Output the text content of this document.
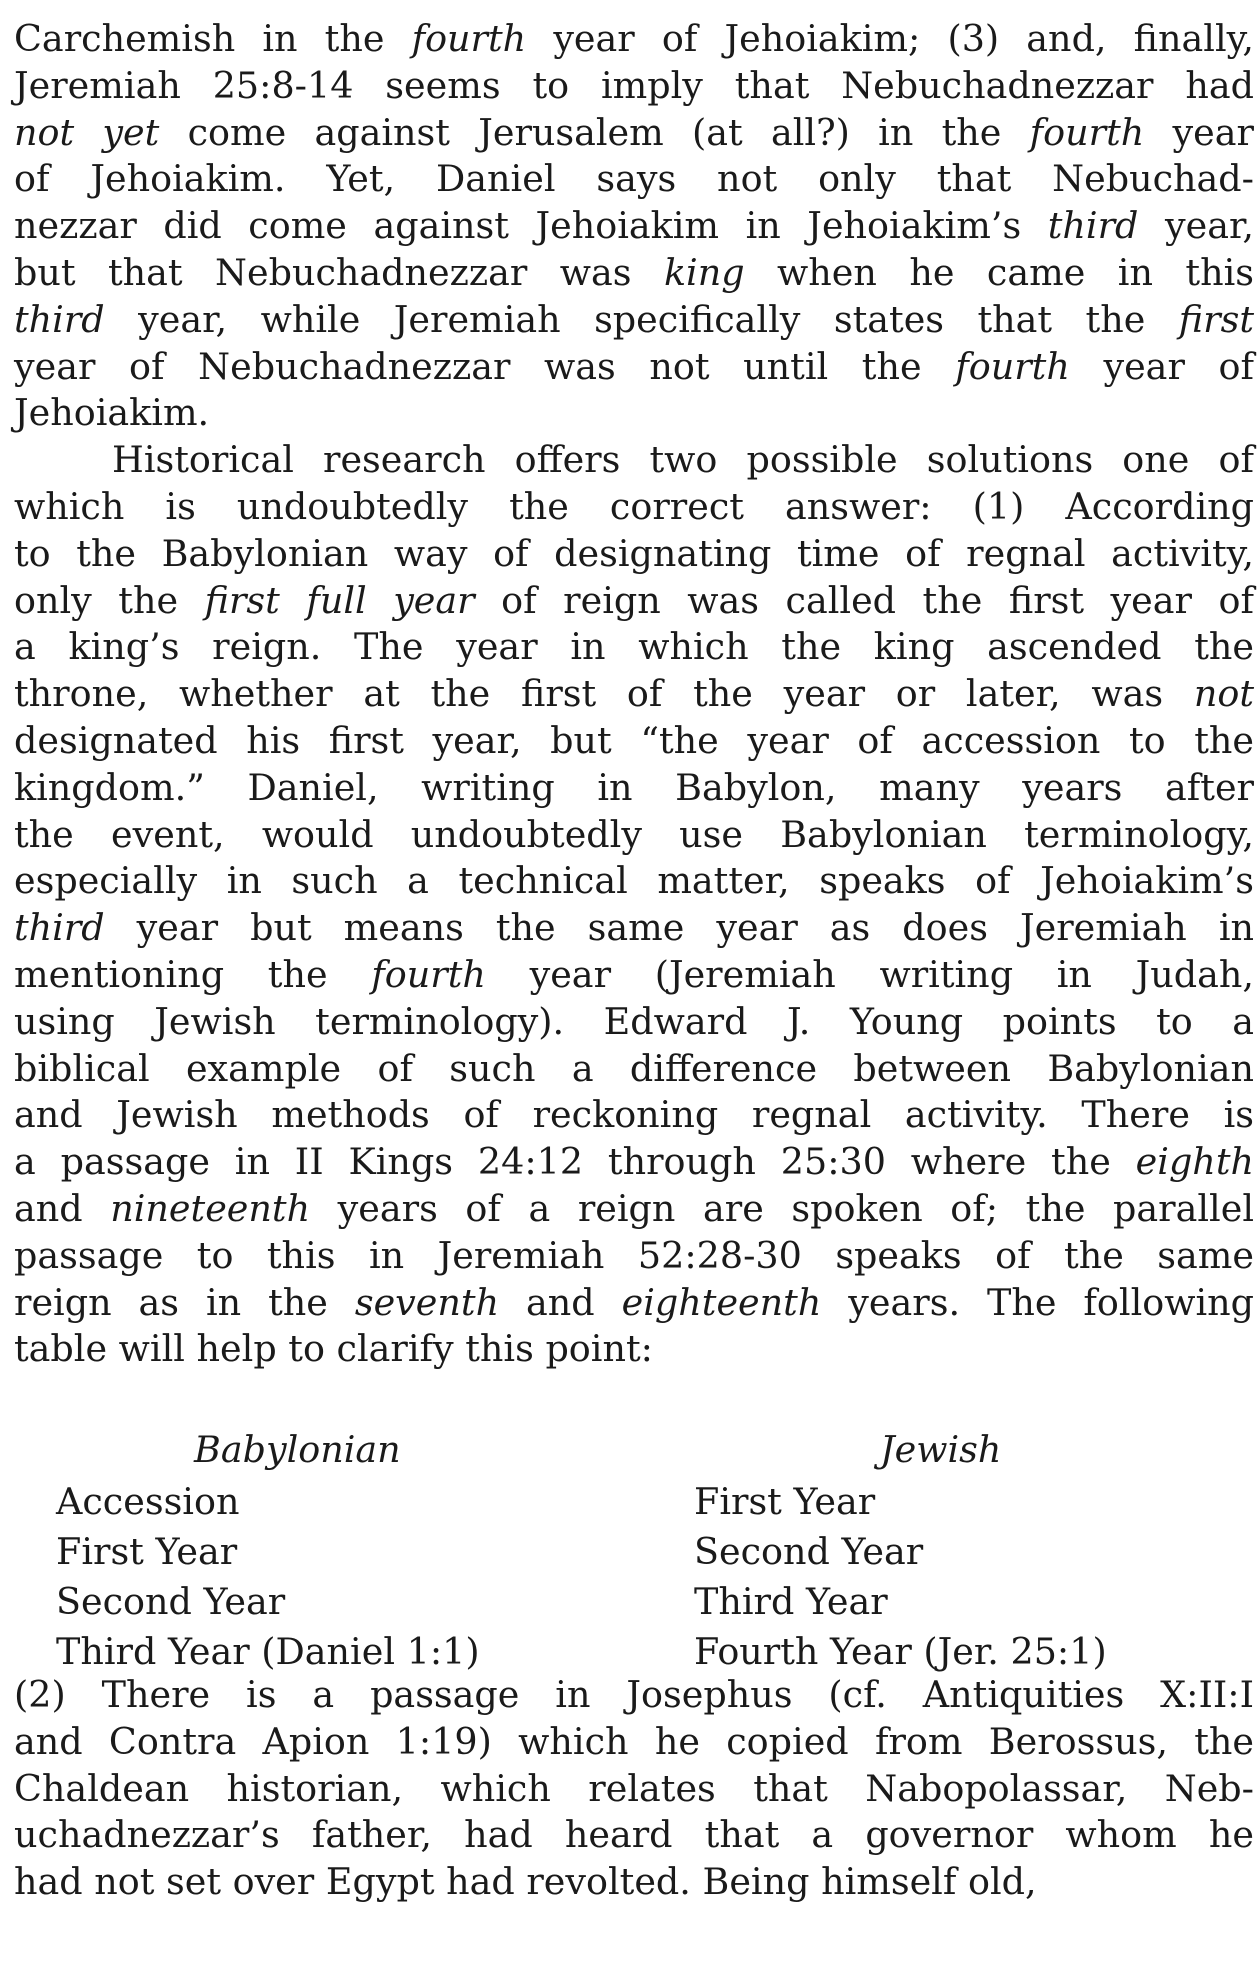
Carchemish in the fourth year of Jehoiakim; (3) and, finally,
Jeremiah 25:8-14 seems to imply that Nebuchadnezzar had
not yet come against Jerusalem (at all?) in the fourth year
of Jehoiakim. Yet, Daniel says not only that Nebuchad-
nezzar did come against Jehoiakim in Jehoiakim’s third year,
but that Nebuchadnezzar was king when he came in this
third year, while Jeremiah specifically states that the first
year of Nebuchadnezzar was not until the fourth year of
Jehoiakim.

Historical research offers two possible solutions one of
which is undoubtedly the correct answer: (1) According
to the Babylonian way of designating time of regnal activity,
only the first full year of reign was called the first year of
a king’s reign. The year in which the king ascended the
throne, whether at the first of the year or later, was not
designated his first year, but “the year of accession to the
kingdom.” Daniel, writing in Babylon, many years after
the event, would undoubtedly use Babylonian terminology,
especially in such a technical matter, speaks of Jehoiakim’s
third year but means the same year as does Jeremiah in
mentioning the fourth year (Jeremiah writing in Judah,
using Jewish terminology). Edward J. Young points to a
biblical example of such a difference between Babylonian
and Jewish methods of reckoning regnal activity. There is
a passage in II Kings 24:12 through 25:30 where the eighth
and nineteenth years of a reign are spoken of; the parallel
passage to this in Jeremiah 52:28-30 speaks of the same
reign as in the seventh and eighteenth years. The following
table will help to clarify this point:

Babylonian	Jewish
Accession	First Year
First Year	Second Year
Second Year	Third Year
Third Year (Daniel 1:1)	Fourth Year (Jer. 25:1)

(2) There is a passage in Josephus (cf. Antiquities X:II:I
and Contra Apion 1:19) which he copied from Berossus, the
Chaldean historian, which relates that Nabopolassar, Neb-
uchadnezzar’s father, had heard that a governor whom he
had not set over Egypt had revolted. Being himself old,
